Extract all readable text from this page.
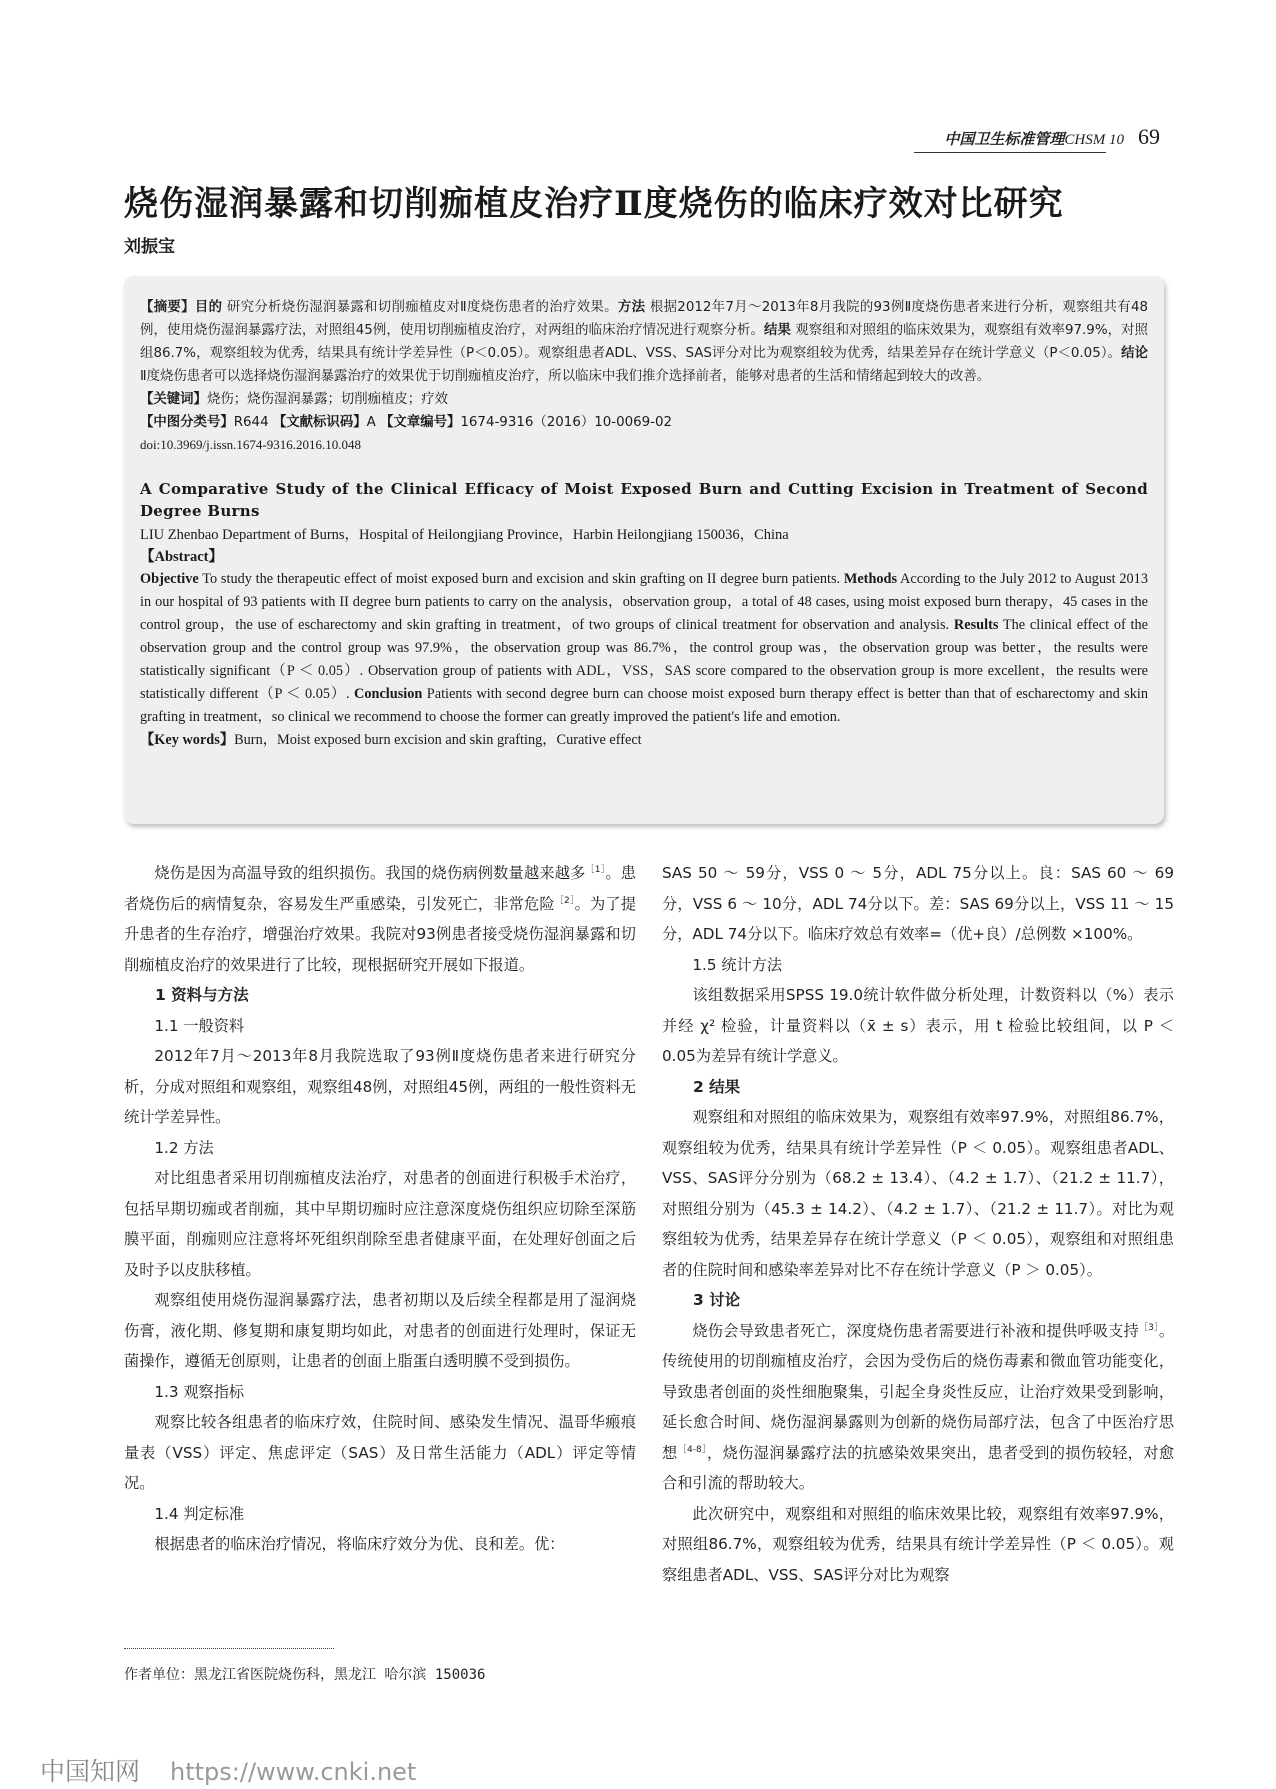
中国卫生标准管理CHSM 10 69
烧伤湿润暴露和切削痂植皮治疗Ⅱ度烧伤的临床疗效对比研究
刘振宝
【摘要】目的 研究分析烧伤湿润暴露和切削痂植皮对Ⅱ度烧伤患者的治疗效果。方法 根据2012年7月～2013年8月我院的93例Ⅱ度烧伤患者来进行分析，观察组共有48例，使用烧伤湿润暴露疗法，对照组45例，使用切削痂植皮治疗，对两组的临床治疗情况进行观察分析。结果 观察组和对照组的临床效果为，观察组有效率97.9%，对照组86.7%，观察组较为优秀，结果具有统计学差异性（P＜0.05）。观察组患者ADL、VSS、SAS评分对比为观察组较为优秀，结果差异存在统计学意义（P＜0.05）。结论 Ⅱ度烧伤患者可以选择烧伤湿润暴露治疗的效果优于切削痂植皮治疗，所以临床中我们推介选择前者，能够对患者的生活和情绪起到较大的改善。
【关键词】烧伤；烧伤湿润暴露；切削痂植皮；疗效
【中图分类号】R644 【文献标识码】A 【文章编号】1674-9316（2016）10-0069-02
doi:10.3969/j.issn.1674-9316.2016.10.048
A Comparative Study of the Clinical Efficacy of Moist Exposed Burn and Cutting Excision in Treatment of Second Degree Burns
LIU Zhenbao Department of Burns，Hospital of Heilongjiang Province，Harbin Heilongjiang 150036，China
【Abstract】
Objective To study the therapeutic effect of moist exposed burn and excision and skin grafting on II degree burn patients. Methods According to the July 2012 to August 2013 in our hospital of 93 patients with II degree burn patients to carry on the analysis，observation group，a total of 48 cases, using moist exposed burn therapy，45 cases in the control group，the use of escharectomy and skin grafting in treatment，of two groups of clinical treatment for observation and analysis. Results The clinical effect of the observation group and the control group was 97.9%，the observation group was 86.7%，the control group was，the observation group was better，the results were statistically significant（P ＜ 0.05）. Observation group of patients with ADL，VSS，SAS score compared to the observation group is more excellent，the results were statistically different（P ＜ 0.05）. Conclusion Patients with second degree burn can choose moist exposed burn therapy effect is better than that of escharectomy and skin grafting in treatment，so clinical we recommend to choose the former can greatly improved the patient's life and emotion.
【Key words】Burn，Moist exposed burn excision and skin grafting，Curative effect

烧伤是因为高温导致的组织损伤。我国的烧伤病例数量越来越多$^{[1]}$。患者烧伤后的病情复杂，容易发生严重感染，引发死亡，非常危险$^{[2]}$。为了提升患者的生存治疗，增强治疗效果。我院对93例患者接受烧伤湿润暴露和切削痂植皮治疗的效果进行了比较，现根据研究开展如下报道。

1 资料与方法
1.1 一般资料

2012年7月～2013年8月我院选取了93例Ⅱ度烧伤患者来进行研究分析，分成对照组和观察组，观察组48例，对照组45例，两组的一般性资料无统计学差异性。

1.2 方法

对比组患者采用切削痂植皮法治疗，对患者的创面进行积极手术治疗，包括早期切痂或者削痂，其中早期切痂时应注意深度烧伤组织应切除至深筋膜平面，削痂则应注意将坏死组织削除至患者健康平面，在处理好创面之后及时予以皮肤移植。

观察组使用烧伤湿润暴露疗法，患者初期以及后续全程都是用了湿润烧伤膏，液化期、修复期和康复期均如此，对患者的创面进行处理时，保证无菌操作，遵循无创原则，让患者的创面上脂蛋白透明膜不受到损伤。

1.3 观察指标

观察比较各组患者的临床疗效，住院时间、感染发生情况、温哥华瘢痕量表（VSS）评定、焦虑评定（SAS）及日常生活能力（ADL）评定等情况。

1.4 判定标准

根据患者的临床治疗情况，将临床疗效分为优、良和差。优：

SAS 50 ～ 59分，VSS 0 ～ 5分，ADL 75分以上。良：SAS 60 ～ 69分，VSS 6 ～ 10分，ADL 74分以下。差：SAS 69分以上，VSS 11 ～ 15分，ADL 74分以下。临床疗效总有效率=（优+良）/总例数 ×100%。

1.5 统计方法

该组数据采用SPSS 19.0统计软件做分析处理，计数资料以（%）表示并经 χ² 检验，计量资料以（x̄ ± s）表示，用 t 检验比较组间，以 P ＜ 0.05为差异有统计学意义。

2 结果

观察组和对照组的临床效果为，观察组有效率97.9%，对照组86.7%，观察组较为优秀，结果具有统计学差异性（P ＜ 0.05）。观察组患者ADL、VSS、SAS评分分别为（68.2 ± 13.4）、（4.2 ± 1.7）、（21.2 ± 11.7），对照组分别为（45.3 ± 14.2）、（4.2 ± 1.7）、（21.2 ± 11.7）。对比为观察组较为优秀，结果差异存在统计学意义（P ＜ 0.05），观察组和对照组患者的住院时间和感染率差异对比不存在统计学意义（P ＞ 0.05）。

3 讨论

烧伤会导致患者死亡，深度烧伤患者需要进行补液和提供呼吸支持$^{[3]}$。传统使用的切削痂植皮治疗，会因为受伤后的烧伤毒素和微血管功能变化，导致患者创面的炎性细胞聚集，引起全身炎性反应，让治疗效果受到影响，延长愈合时间、烧伤湿润暴露则为创新的烧伤局部疗法，包含了中医治疗思想$^{[4-8]}$，烧伤湿润暴露疗法的抗感染效果突出，患者受到的损伤较轻，对愈合和引流的帮助较大。

此次研究中，观察组和对照组的临床效果比较，观察组有效率97.9%，对照组86.7%，观察组较为优秀，结果具有统计学差异性（P ＜ 0.05）。观察组患者ADL、VSS、SAS评分对比为观察

作者单位：黑龙江省医院烧伤科，黑龙江 哈尔滨 150036
中国知网 https://www.cnki.net
